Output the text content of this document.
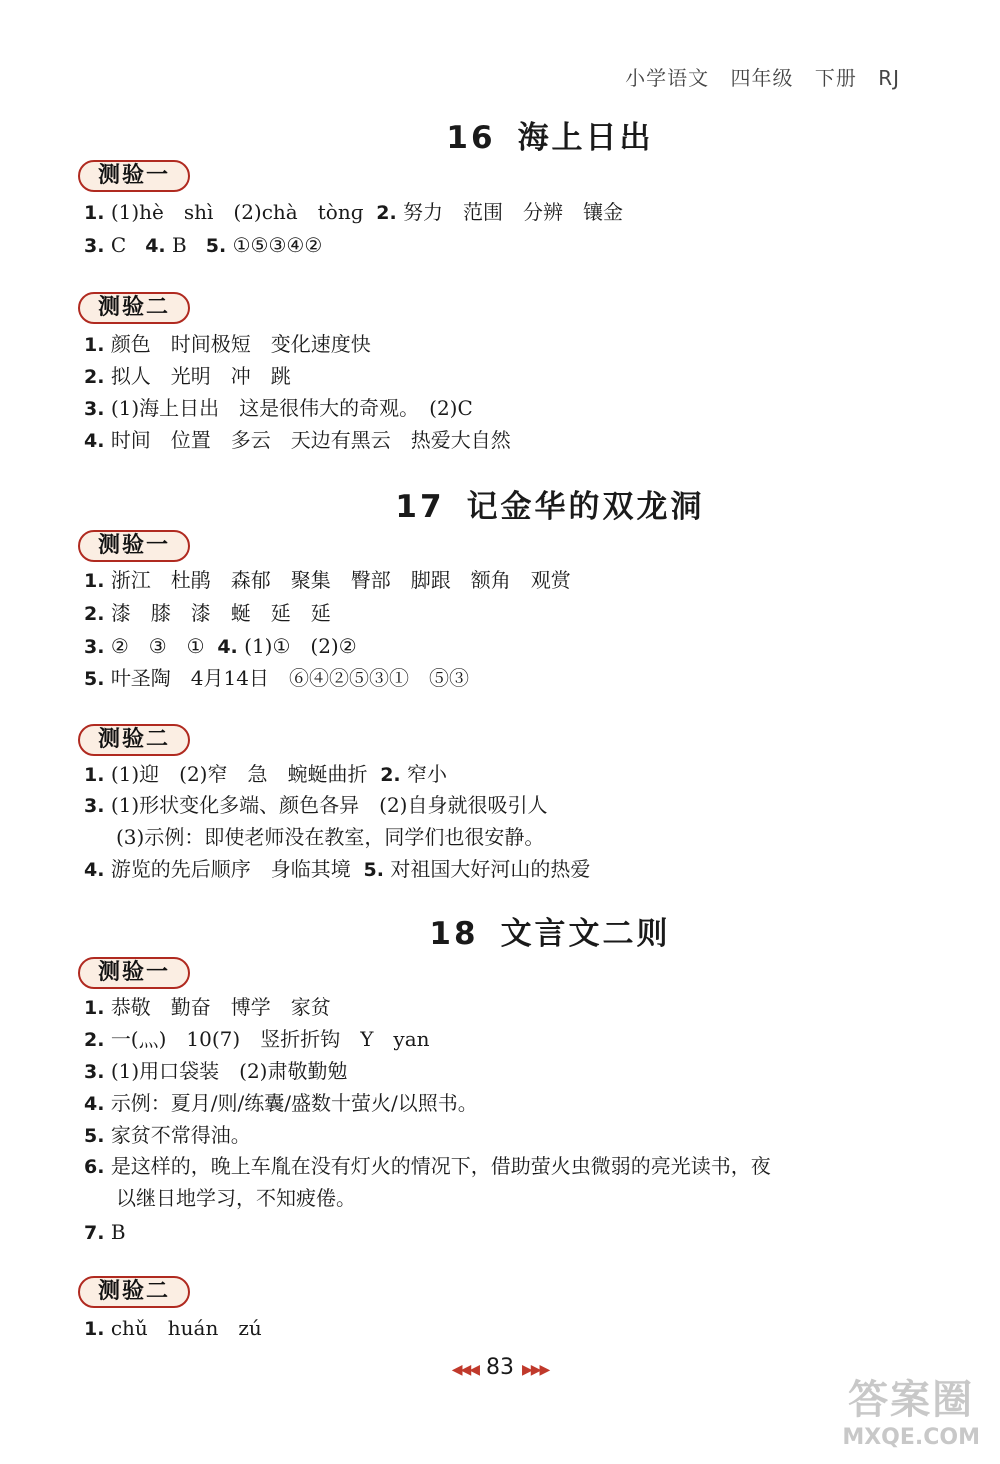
小学语文 四年级 下册 RJ
16 海上日出
测验一
1. (1)hè　shì　(2)chà　tònɡ 2. 努力　范围　分辨　镶金
3. C 4. B 5. ①⑤③④②
测验二
1. 颜色　时间极短　变化速度快
2. 拟人　光明　冲　跳
3. (1)海上日出　这是很伟大的奇观。　(2)C
4. 时间　位置　多云　天边有黑云　热爱大自然
17 记金华的双龙洞
测验一
1. 浙江　杜鹃　森郁　聚集　臀部　脚跟　额角　观赏
2. 漆　膝　漆　蜒　延　延
3. ②　③　① 4. (1)①　(2)②
5. 叶圣陶　4月14日　⑥④②⑤③①　⑤③
测验二
1. (1)迎　(2)窄　急　蜿蜒曲折 2. 窄小
3. (1)形状变化多端、颜色各异　(2)自身就很吸引人
(3)示例：即使老师没在教室，同学们也很安静。
4. 游览的先后顺序　身临其境 5. 对祖国大好河山的热爱
18 文言文二则
测验一
1. 恭敬　勤奋　博学　家贫
2. 一(灬)　10(7)　竖折折钩　Y　yan
3. (1)用口袋装　(2)肃敬勤勉
4. 示例：夏月/则/练囊/盛数十萤火/以照书。
5. 家贫不常得油。
6. 是这样的，晚上车胤在没有灯火的情况下，借助萤火虫微弱的亮光读书，夜
以继日地学习，不知疲倦。
7. B
测验二
1. chǔ　huán　zú
◀◀◀ 83 ▶▶▶
答案圈
MXQE.COM
